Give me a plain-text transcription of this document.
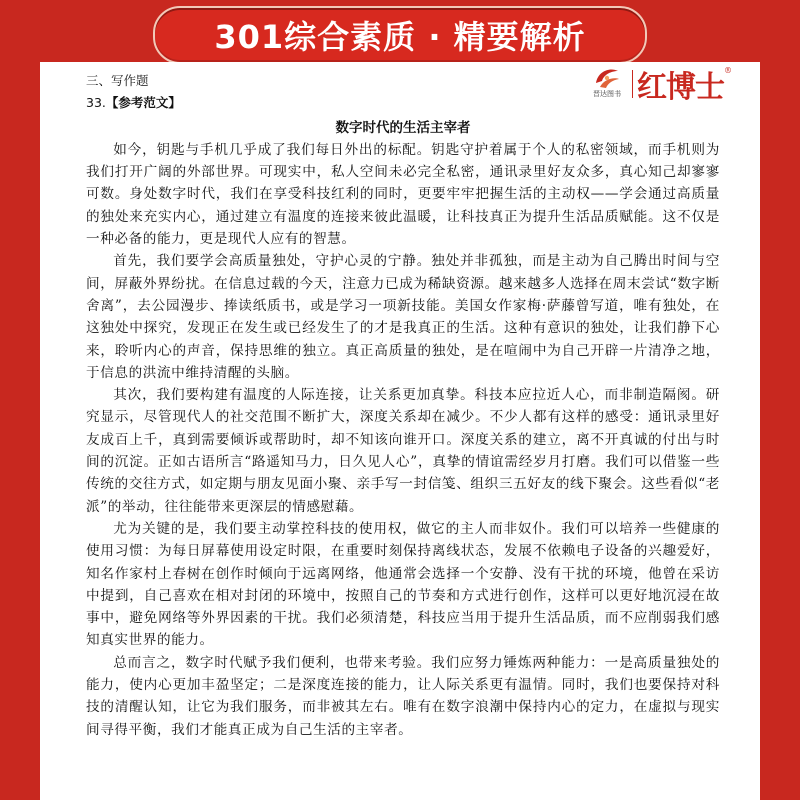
301综合素质 · 精要解析
晋达图书 红博士 ®
三、写作题
33.【参考范文】
数字时代的生活主宰者

如今，钥匙与手机几乎成了我们每日外出的标配。钥匙守护着属于个人的私密领域，而手机则为我们打开广阔的外部世界。可现实中，私人空间未必完全私密，通讯录里好友众多，真心知己却寥寥可数。身处数字时代，我们在享受科技红利的同时，更要牢牢把握生活的主动权——学会通过高质量的独处来充实内心，通过建立有温度的连接来彼此温暖，让科技真正为提升生活品质赋能。这不仅是一种必备的能力，更是现代人应有的智慧。

首先，我们要学会高质量独处，守护心灵的宁静。独处并非孤独，而是主动为自己腾出时间与空间，屏蔽外界纷扰。在信息过载的今天，注意力已成为稀缺资源。越来越多人选择在周末尝试“数字断舍离”，去公园漫步、捧读纸质书，或是学习一项新技能。美国女作家梅·萨藤曾写道，唯有独处，在这独处中探究，发现正在发生或已经发生了的才是我真正的生活。这种有意识的独处，让我们静下心来，聆听内心的声音，保持思维的独立。真正高质量的独处，是在喧闹中为自己开辟一片清净之地，于信息的洪流中维持清醒的头脑。

其次，我们要构建有温度的人际连接，让关系更加真挚。科技本应拉近人心，而非制造隔阂。研究显示，尽管现代人的社交范围不断扩大，深度关系却在减少。不少人都有这样的感受：通讯录里好友成百上千，真到需要倾诉或帮助时，却不知该向谁开口。深度关系的建立，离不开真诚的付出与时间的沉淀。正如古语所言“路遥知马力，日久见人心”，真挚的情谊需经岁月打磨。我们可以借鉴一些传统的交往方式，如定期与朋友见面小聚、亲手写一封信笺、组织三五好友的线下聚会。这些看似“老派”的举动，往往能带来更深层的情感慰藉。

尤为关键的是，我们要主动掌控科技的使用权，做它的主人而非奴仆。我们可以培养一些健康的使用习惯：为每日屏幕使用设定时限，在重要时刻保持离线状态，发展不依赖电子设备的兴趣爱好，知名作家村上春树在创作时倾向于远离网络，他通常会选择一个安静、没有干扰的环境，他曾在采访中提到，自己喜欢在相对封闭的环境中，按照自己的节奏和方式进行创作，这样可以更好地沉浸在故事中，避免网络等外界因素的干扰。我们必须清楚，科技应当用于提升生活品质，而不应削弱我们感知真实世界的能力。

总而言之，数字时代赋予我们便利，也带来考验。我们应努力锤炼两种能力：一是高质量独处的能力，使内心更加丰盈坚定；二是深度连接的能力，让人际关系更有温情。同时，我们也要保持对科技的清醒认知，让它为我们服务，而非被其左右。唯有在数字浪潮中保持内心的定力，在虚拟与现实间寻得平衡，我们才能真正成为自己生活的主宰者。
